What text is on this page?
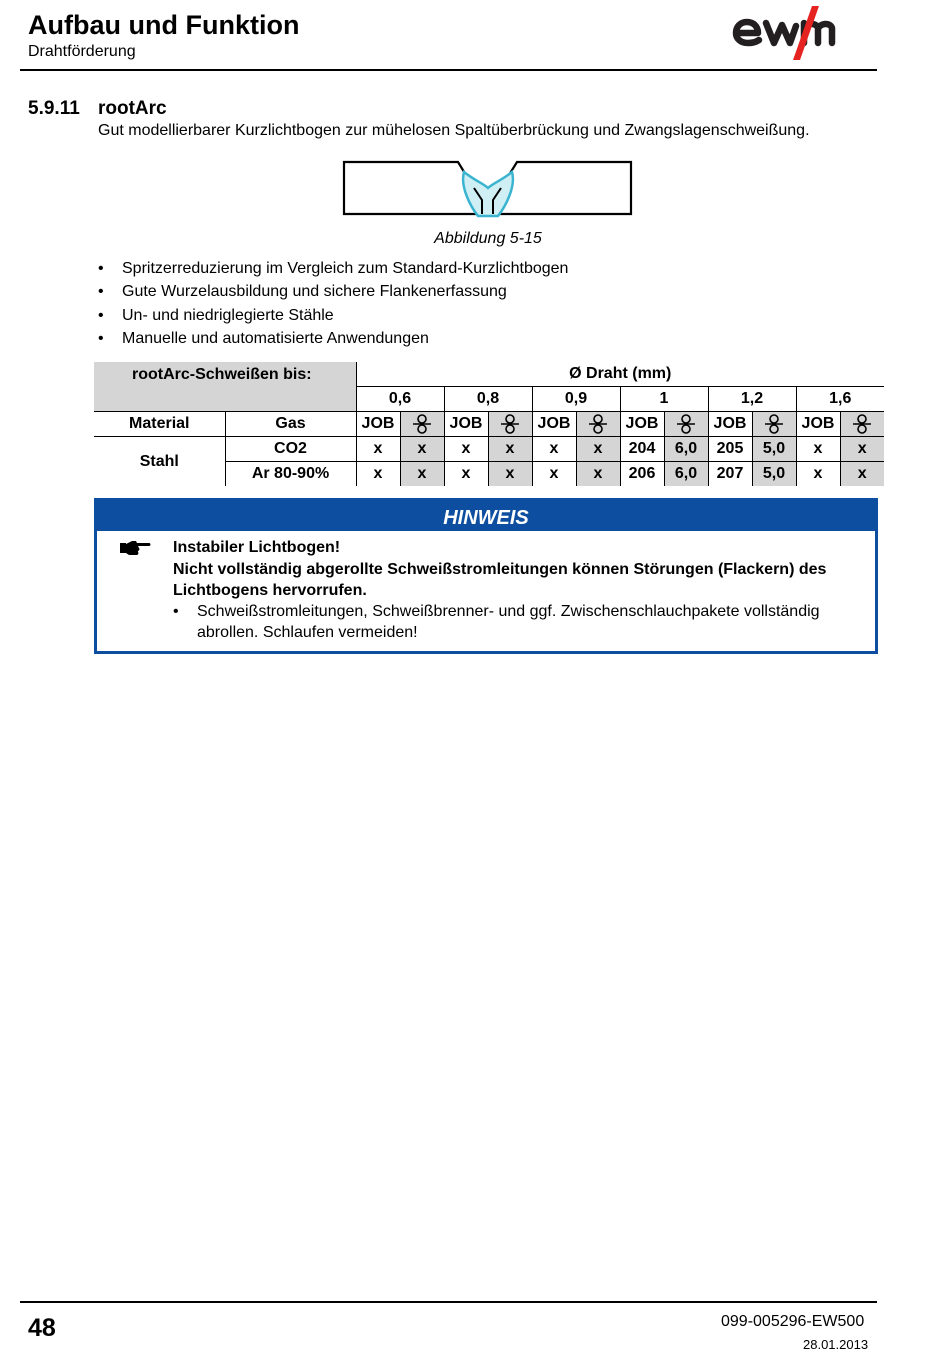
Aufbau und Funktion
Drahtförderung
5.9.11 rootArc
Gut modellierbarer Kurzlichtbogen zur mühelosen Spaltüberbrückung und Zwangslagenschweißung.
Abbildung 5-15
• Spritzerreduzierung im Vergleich zum Standard-Kurzlichtbogen
• Gute Wurzelausbildung und sichere Flankenerfassung
• Un- und niedriglegierte Stähle
• Manuelle und automatisierte Anwendungen
rootArc-Schweißen bis:		Ø Draht (mm)											
		0,6		0,8		0,9		1		1,2		1,6	
Material	Gas	JOB		JOB		JOB		JOB		JOB		JOB	

Stahl	CO2	x	x	x	x	x	x	204	6,0	205	5,0	x	x
	Ar 80-90%	x	x	x	x	x	x	206	6,0	207	5,0	x	x
HINWEIS
Instabiler Lichtbogen!
Nicht vollständig abgerollte Schweißstromleitungen können Störungen (Flackern) des Lichtbogens hervorrufen.
• Schweißstromleitungen, Schweißbrenner- und ggf. Zwischenschlauchpakete vollständig abrollen. Schlaufen vermeiden!
48	099-005296-EW500
28.01.2013
